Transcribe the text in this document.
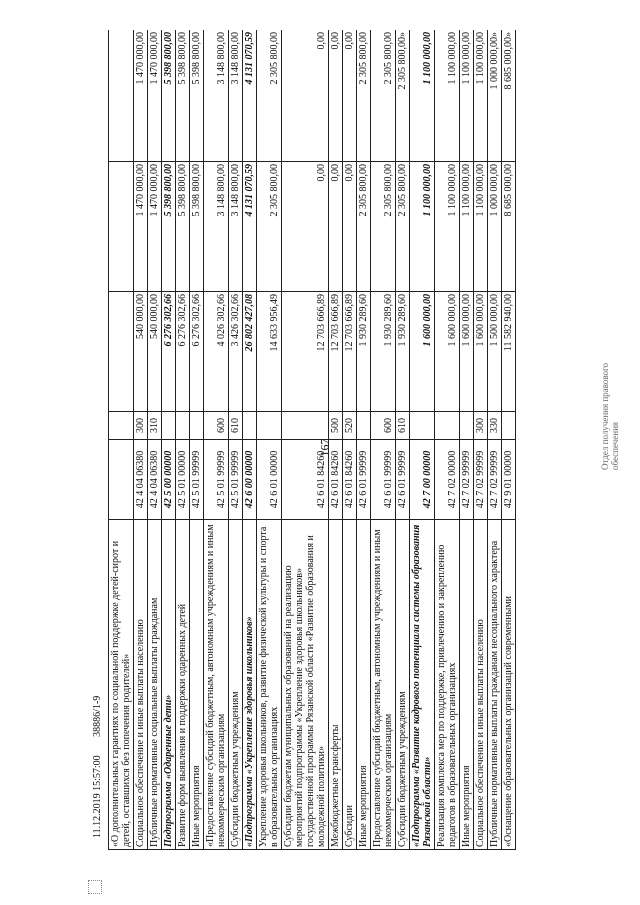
167
«О дополнительных гарантиях по социальной поддержке детей-сирот и детей, оставшихся без попечения родителей»					
Социальное обеспечение и иные выплаты населению	42 4 04 06380	300	540 000,00	1 470 000,00	1 470 000,00
Публичные нормативные социальные выплаты гражданам	42 4 04 06380	310	540 000,00	1 470 000,00	1 470 000,00
Подпрограмма «Одаренные дети»	42 5 00 00000		6 276 302,66	5 398 800,00	5 398 800,00
Развитие форм выявления и поддержки одаренных детей	42 5 01 00000		6 276 302,66	5 398 800,00	5 398 800,00
Иные мероприятия	42 5 01 99999		6 276 302,66	5 398 800,00	5 398 800,00
«Предоставление субсидий бюджетным, автономным учреждениям и иным некоммерческим организациям	42 5 01 99999	600	4 026 302,66	3 148 800,00	3 148 800,00
Субсидии бюджетным учреждениям	42 5 01 99999	610	3 426 302,66	3 148 800,00	3 148 800,00
«Подпрограмма «Укрепление здоровья школьников»	42 6 00 00000		26 802 427,08	4 131 070,59	4 131 070,59
Укрепление здоровья школьников, развитие физической культуры и спорта в образовательных организациях	42 6 01 00000		14 633 956,49	2 305 800,00	2 305 800,00
Субсидии бюджетам муниципальных образований на реализацию мероприятий подпрограммы «Укрепление здоровья школьников» государственной программы Рязанской области «Развитие образования и молодежной политики»	42 6 01 84260		12 703 666,89	0,00	0,00
Межбюджетные трансферты	42 6 01 84260	500	12 703 666,89	0,00	0,00
Субсидии	42 6 01 84260	520	12 703 666,89	0,00	0,00
Иные мероприятия	42 6 01 99999		1 930 289,60	2 305 800,00	2 305 800,00
Предоставление субсидий бюджетным, автономным учреждениям и иным некоммерческим организациям	42 6 01 99999	600	1 930 289,60	2 305 800,00	2 305 800,00
Субсидии бюджетным учреждениям	42 6 01 99999	610	1 930 289,60	2 305 800,00	2 305 800,00»
«Подпрограмма «Развитие кадрового потенциала системы образования Рязанской области»	42 7 00 00000		1 600 000,00	1 100 000,00	1 100 000,00
Реализация комплекса мер по поддержке, привлечению и закреплению педагогов в образовательных организациях	42 7 02 00000		1 600 000,00	1 100 000,00	1 100 000,00
Иные мероприятия	42 7 02 99999		1 600 000,00	1 100 000,00	1 100 000,00
Социальное обеспечение и иные выплаты населению	42 7 02 99999	300	1 600 000,00	1 100 000,00	1 100 000,00
Публичные нормативные выплаты гражданам несоциального характера	42 7 02 99999	330	1 500 000,00	1 000 000,00	1 000 000,00»
«Оснащение образовательных организаций современными	42 9 01 00000		11 582 940,00	8 685 000,00	8 685 000,00»
11.12.2019 15:57:00 38886/1-9
Отдел получения правового обеспечения
